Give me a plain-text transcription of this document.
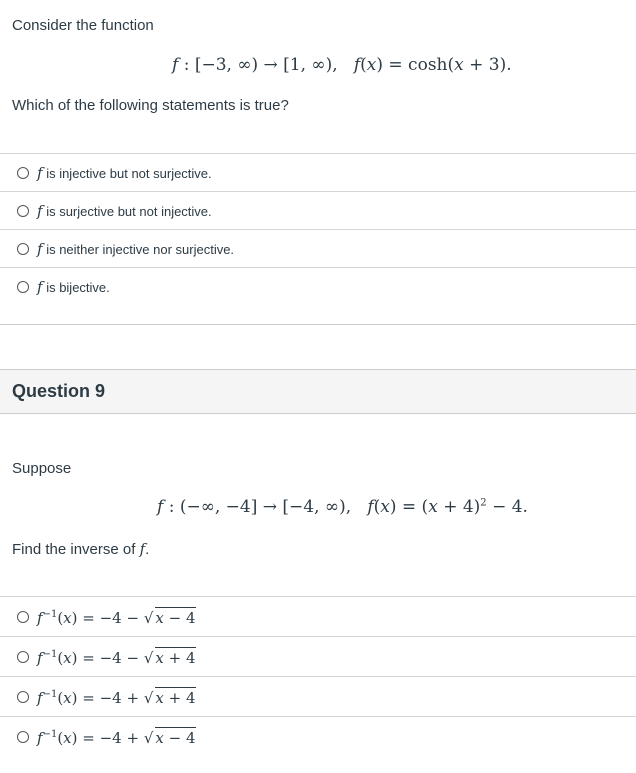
Consider the function
f : [−3, ∞) → [1, ∞),   f(x) = cosh(x + 3).
Which of the following statements is true?
f is injective but not surjective.
f is surjective but not injective.
f is neither injective nor surjective.
f is bijective.
Question 9
Suppose
f : (−∞, −4] → [−4, ∞),   $f(x) = (x + 4)^2 - 4$.
Find the inverse of f.
$f^{-1}(x) = -4$ − √ x − 4
$f^{-1}(x) = -4$ − √ x + 4
$f^{-1}(x) = -4$ + √ x + 4
$f^{-1}(x) = -4$ + √ x − 4
